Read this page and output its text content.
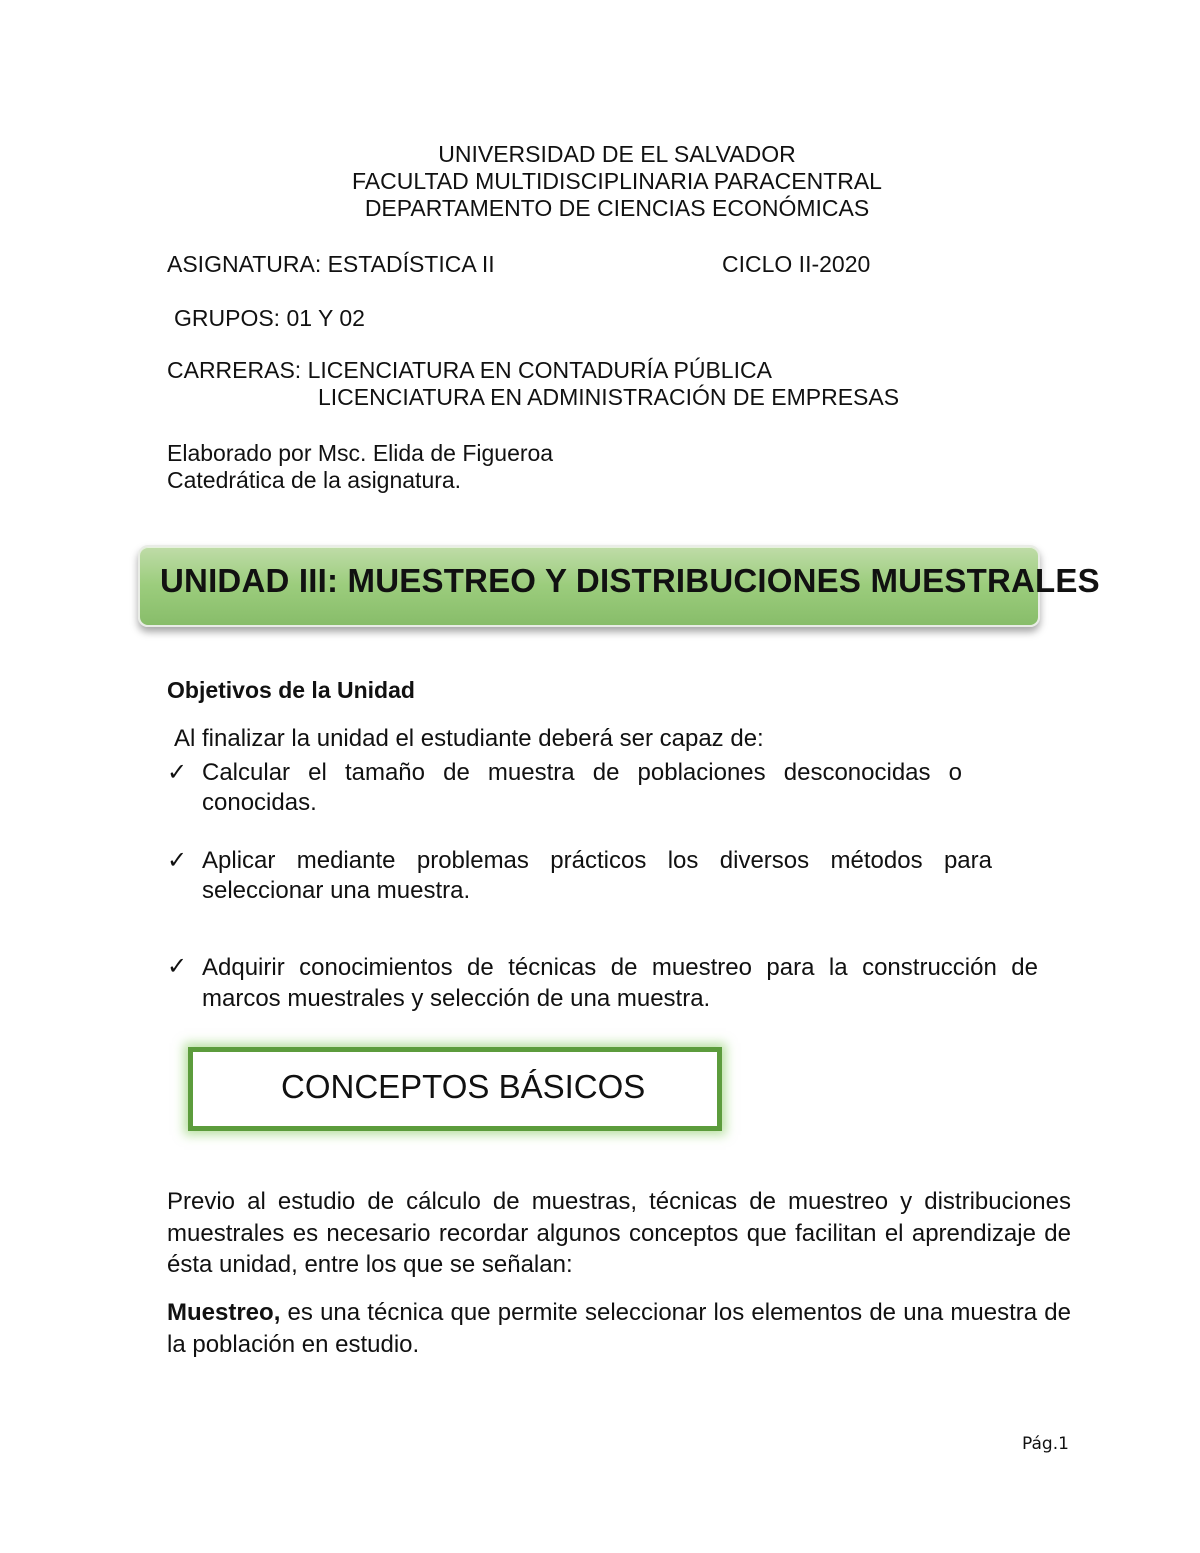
UNIVERSIDAD DE EL SALVADOR
FACULTAD MULTIDISCIPLINARIA PARACENTRAL
DEPARTAMENTO DE CIENCIAS ECONÓMICAS
ASIGNATURA: ESTADÍSTICA II	CICLO II-2020
GRUPOS: 01 Y 02
CARRERAS: LICENCIATURA EN CONTADURÍA PÚBLICA
LICENCIATURA EN ADMINISTRACIÓN DE EMPRESAS
Elaborado por Msc. Elida de Figueroa
Catedrática de la asignatura.
UNIDAD III: MUESTREO Y DISTRIBUCIONES MUESTRALES
Objetivos de la Unidad
Al finalizar la unidad el estudiante deberá ser capaz de:
✓ Calcular el tamaño de muestra de poblaciones desconocidas o conocidas.
✓ Aplicar mediante problemas prácticos los diversos métodos para seleccionar una muestra.
✓ Adquirir conocimientos de técnicas de muestreo para la construcción de marcos muestrales y selección de una muestra.
CONCEPTOS BÁSICOS
Previo al estudio de cálculo de muestras, técnicas de muestreo y distribuciones muestrales es necesario recordar algunos conceptos que facilitan el aprendizaje de ésta unidad, entre los que se señalan:
Muestreo, es una técnica que permite seleccionar los elementos de una muestra de la población en estudio.
Pág.1
